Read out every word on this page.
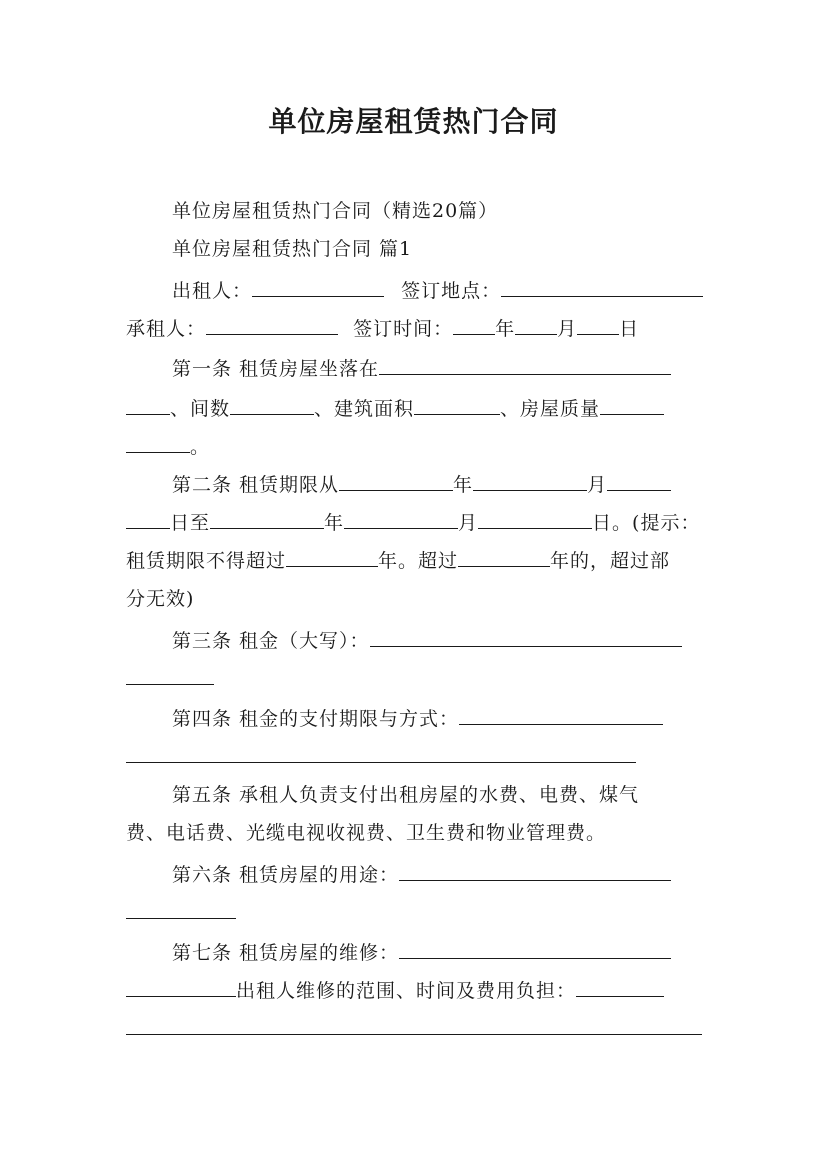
单位房屋租赁热门合同
单位房屋租赁热门合同（精选20篇）
单位房屋租赁热门合同 篇1
出租人：	签订地点：
承租人：	签订时间： 年 月 日
第一条 租赁房屋坐落在
、间数	、建筑面积	、房屋质量
。
第二条 租赁期限从	年	月
日至	年	月	日。(提示：
租赁期限不得超过	年。超过	年的，超过部
分无效)
第三条 租金（大写）：
第四条 租金的支付期限与方式：
第五条 承租人负责支付出租房屋的水费、电费、煤气
费、电话费、光缆电视收视费、卫生费和物业管理费。
第六条 租赁房屋的用途：
第七条 租赁房屋的维修：
出租人维修的范围、时间及费用负担：
